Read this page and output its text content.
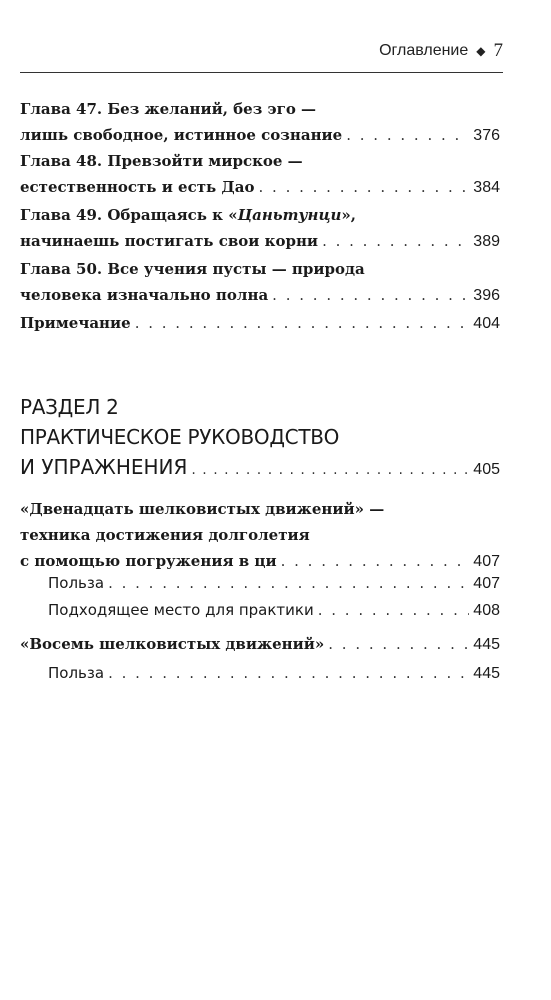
Оглавление ◆ 7
Глава 47. Без желаний, без эго —
лишь свободное, истинное сознание . . .	376
Глава 48. Превзойти мирское —
естественность и есть Дао . . .	384
Глава 49. Обращаясь к «Цаньтунци»,
начинаешь постигать свои корни . . .	389
Глава 50. Все учения пусты — природа
человека изначально полна . . .	396
Примечание . . .	404
РАЗДЕЛ 2
ПРАКТИЧЕСКОЕ РУКОВОДСТВО
И УПРАЖНЕНИЯ . . .	405
«Двенадцать шелковистых движений» —
техника достижения долголетия
с помощью погружения в ци . . .	407
Польза . . .	407
Подходящее место для практики . . .	408
«Восемь шелковистых движений» . . .	445
Польза . . .	445
